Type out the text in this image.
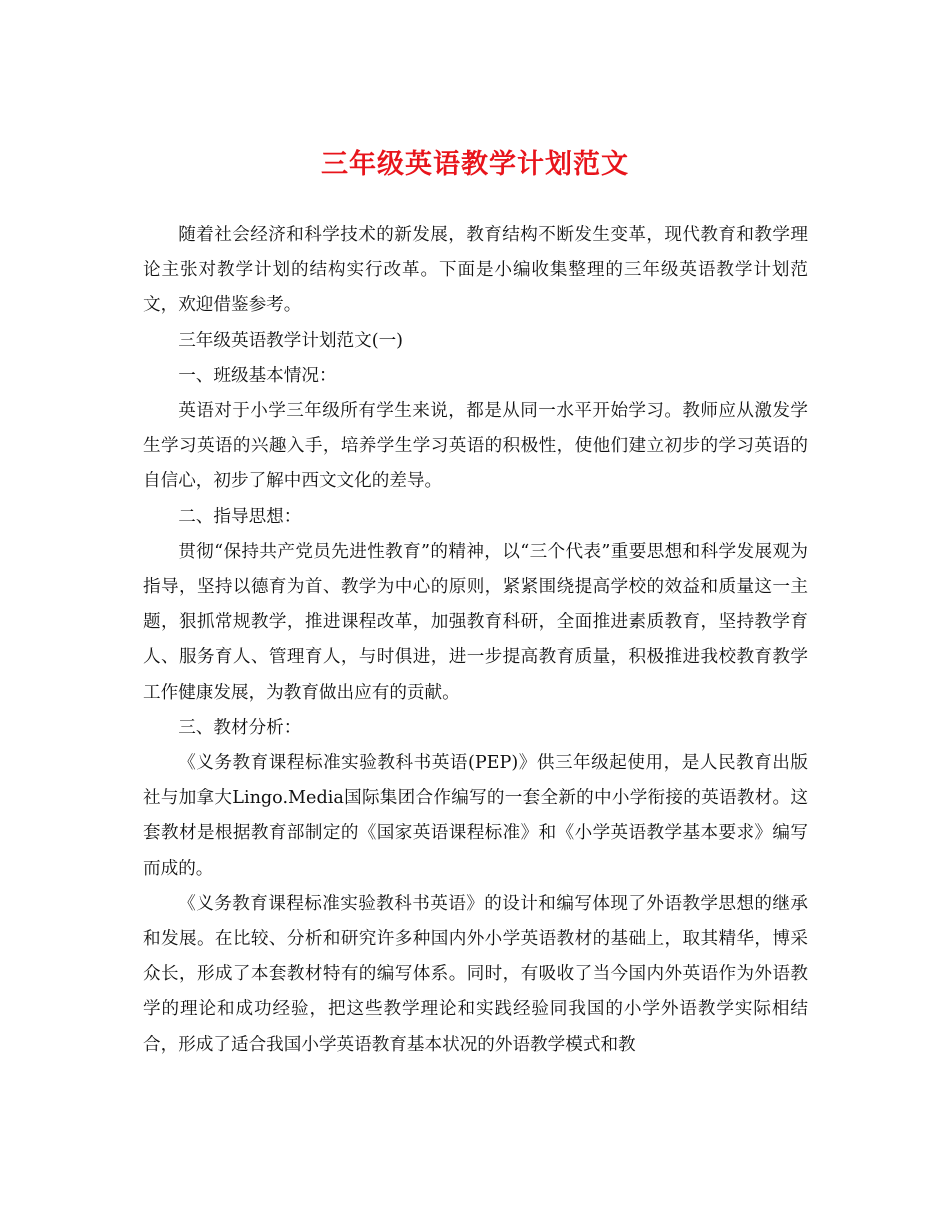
三年级英语教学计划范文

随着社会经济和科学技术的新发展，教育结构不断发生变革，现代教育和教学理论主张对教学计划的结构实行改革。下面是小编收集整理的三年级英语教学计划范文，欢迎借鉴参考。

三年级英语教学计划范文(一)

一、班级基本情况：

英语对于小学三年级所有学生来说，都是从同一水平开始学习。教师应从激发学生学习英语的兴趣入手，培养学生学习英语的积极性，使他们建立初步的学习英语的自信心，初步了解中西文文化的差导。

二、指导思想：

贯彻“保持共产党员先进性教育”的精神，以“三个代表”重要思想和科学发展观为指导，坚持以德育为首、教学为中心的原则，紧紧围绕提高学校的效益和质量这一主题，狠抓常规教学，推进课程改革，加强教育科研，全面推进素质教育，坚持教学育人、服务育人、管理育人，与时俱进，进一步提高教育质量，积极推进我校教育教学工作健康发展，为教育做出应有的贡献。

三、教材分析：

《义务教育课程标准实验教科书英语(PEP)》供三年级起使用，是人民教育出版社与加拿大Lingo.Media国际集团合作编写的一套全新的中小学衔接的英语教材。这套教材是根据教育部制定的《国家英语课程标准》和《小学英语教学基本要求》编写而成的。

《义务教育课程标准实验教科书英语》的设计和编写体现了外语教学思想的继承和发展。在比较、分析和研究许多种国内外小学英语教材的基础上，取其精华，博采众长，形成了本套教材特有的编写体系。同时，有吸收了当今国内外英语作为外语教学的理论和成功经验，把这些教学理论和实践经验同我国的小学外语教学实际相结合，形成了适合我国小学英语教育基本状况的外语教学模式和教
